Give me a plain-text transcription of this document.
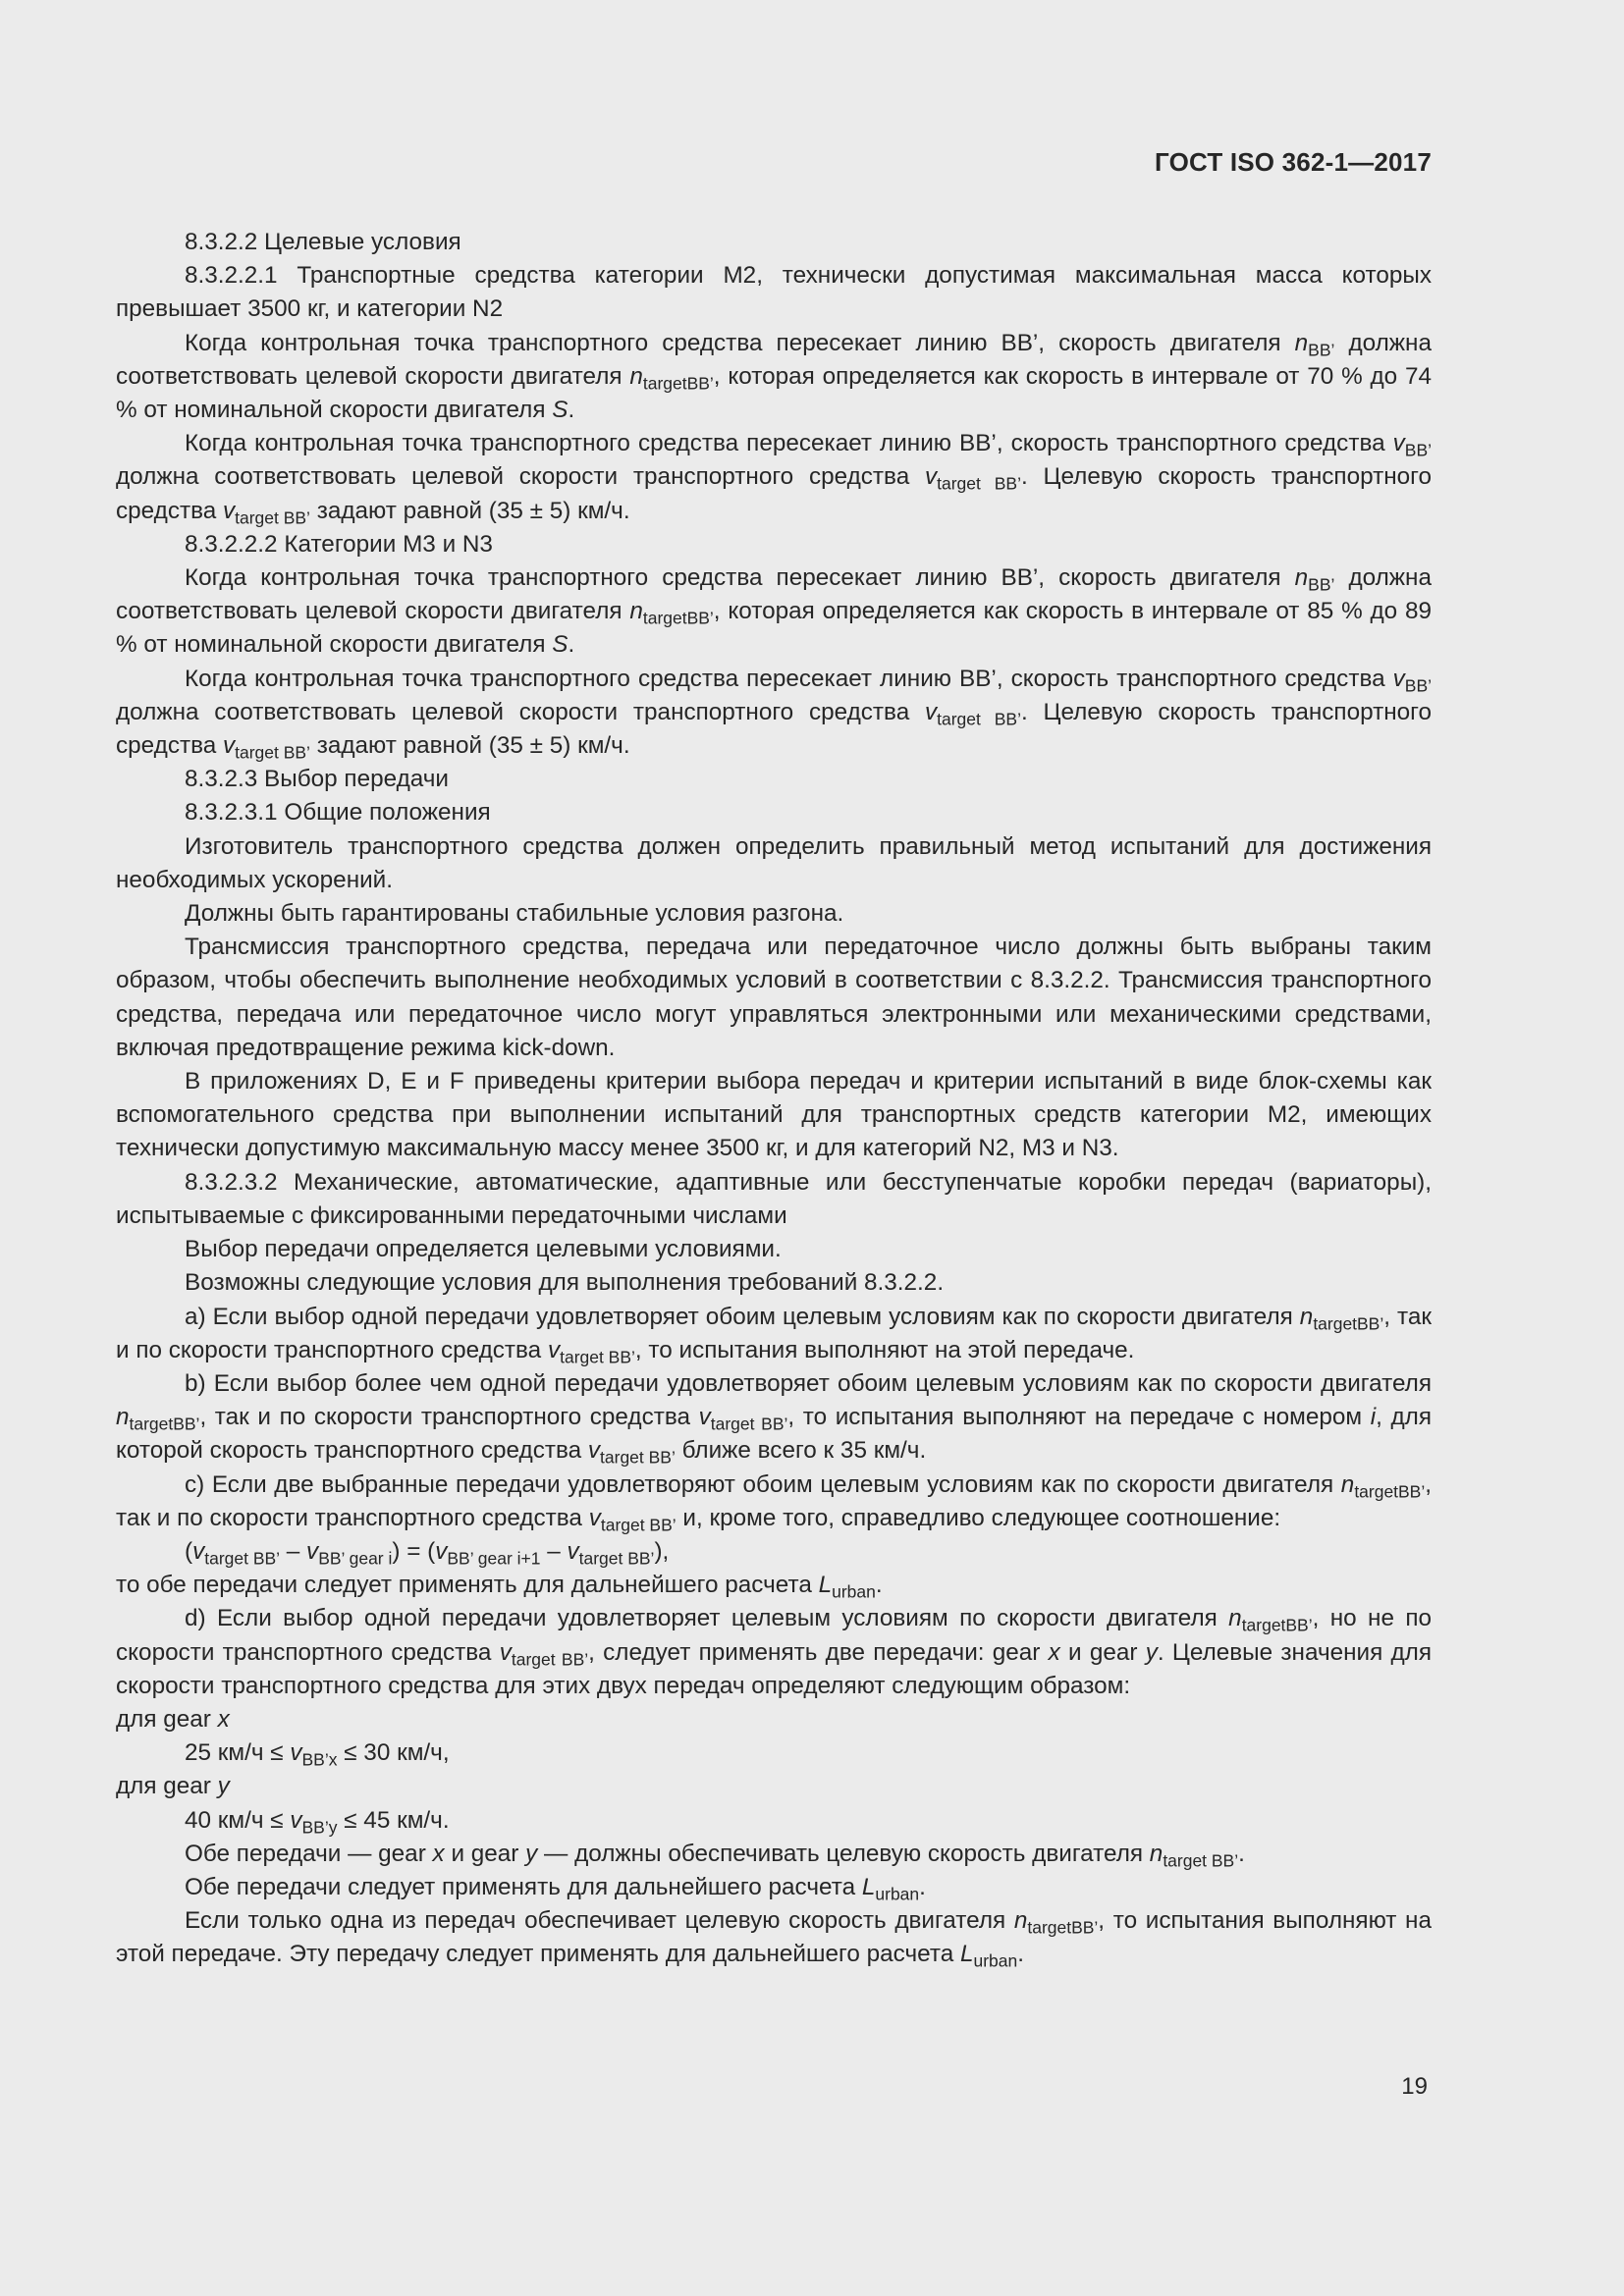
ГОСТ ISO 362-1—2017

8.3.2.2 Целевые условия

8.3.2.2.1 Транспортные средства категории M2, технически допустимая максимальная масса которых превышает 3500 кг, и категории N2

Когда контрольная точка транспортного средства пересекает линию BB’, скорость двигателя $n_{BB’}$ должна соответствовать целевой скорости двигателя $n_{targetBB’}$, которая определяется как скорость в интервале от 70 % до 74 % от номинальной скорости двигателя S.

Когда контрольная точка транспортного средства пересекает линию BB’, скорость транспортного средства $v_{BB’}$ должна соответствовать целевой скорости транспортного средства $v_{target BB’}$. Целевую скорость транспортного средства $v_{target BB’}$ задают равной (35 ± 5) км/ч.

8.3.2.2.2 Категории M3 и N3

Когда контрольная точка транспортного средства пересекает линию BB’, скорость двигателя $n_{BB’}$ должна соответствовать целевой скорости двигателя $n_{targetBB’}$, которая определяется как скорость в интервале от 85 % до 89 % от номинальной скорости двигателя S.

Когда контрольная точка транспортного средства пересекает линию BB’, скорость транспортного средства $v_{BB’}$ должна соответствовать целевой скорости транспортного средства $v_{target BB’}$. Целевую скорость транспортного средства $v_{target BB’}$ задают равной (35 ± 5) км/ч.

8.3.2.3 Выбор передачи

8.3.2.3.1 Общие положения

Изготовитель транспортного средства должен определить правильный метод испытаний для достижения необходимых ускорений.

Должны быть гарантированы стабильные условия разгона.

Трансмиссия транспортного средства, передача или передаточное число должны быть выбраны таким образом, чтобы обеспечить выполнение необходимых условий в соответствии с 8.3.2.2. Трансмиссия транспортного средства, передача или передаточное число могут управляться электронными или механическими средствами, включая предотвращение режима kick-down.

В приложениях D, E и F приведены критерии выбора передач и критерии испытаний в виде блок-схемы как вспомогательного средства при выполнении испытаний для транспортных средств категории M2, имеющих технически допустимую максимальную массу менее 3500 кг, и для категорий N2, M3 и N3.

8.3.2.3.2 Механические, автоматические, адаптивные или бесступенчатые коробки передач (вариаторы), испытываемые с фиксированными передаточными числами

Выбор передачи определяется целевыми условиями.

Возможны следующие условия для выполнения требований 8.3.2.2.

a) Если выбор одной передачи удовлетворяет обоим целевым условиям как по скорости двигателя $n_{targetBB’}$, так и по скорости транспортного средства $v_{target BB’}$, то испытания выполняют на этой передаче.

b) Если выбор более чем одной передачи удовлетворяет обоим целевым условиям как по скорости двигателя $n_{targetBB’}$, так и по скорости транспортного средства $v_{target BB’}$, то испытания выполняют на передаче с номером i, для которой скорость транспортного средства $v_{target BB’}$ ближе всего к 35 км/ч.

c) Если две выбранные передачи удовлетворяют обоим целевым условиям как по скорости двигателя $n_{targetBB’}$, так и по скорости транспортного средства $v_{target BB’}$ и, кроме того, справедливо следующее соотношение:

$(v_{target BB’} - v_{BB’ gear i}) = (v_{BB’ gear i+1} - v_{target BB’})$,

то обе передачи следует применять для дальнейшего расчета $L_{urban}$.

d) Если выбор одной передачи удовлетворяет целевым условиям по скорости двигателя $n_{targetBB’}$, но не по скорости транспортного средства $v_{target BB’}$, следует применять две передачи: gear x и gear y. Целевые значения для скорости транспортного средства для этих двух передач определяют следующим образом:

для gear x

25 $км/ч \le v_{BB’x} \le 30$ км/ч,

для gear y

40 $км/ч \le v_{BB’y} \le 45$ км/ч.

Обе передачи — gear x и gear y — должны обеспечивать целевую скорость двигателя $n_{target BB’}$.

Обе передачи следует применять для дальнейшего расчета $L_{urban}$.

Если только одна из передач обеспечивает целевую скорость двигателя $n_{targetBB’}$, то испытания выполняют на этой передаче. Эту передачу следует применять для дальнейшего расчета $L_{urban}$.

19
